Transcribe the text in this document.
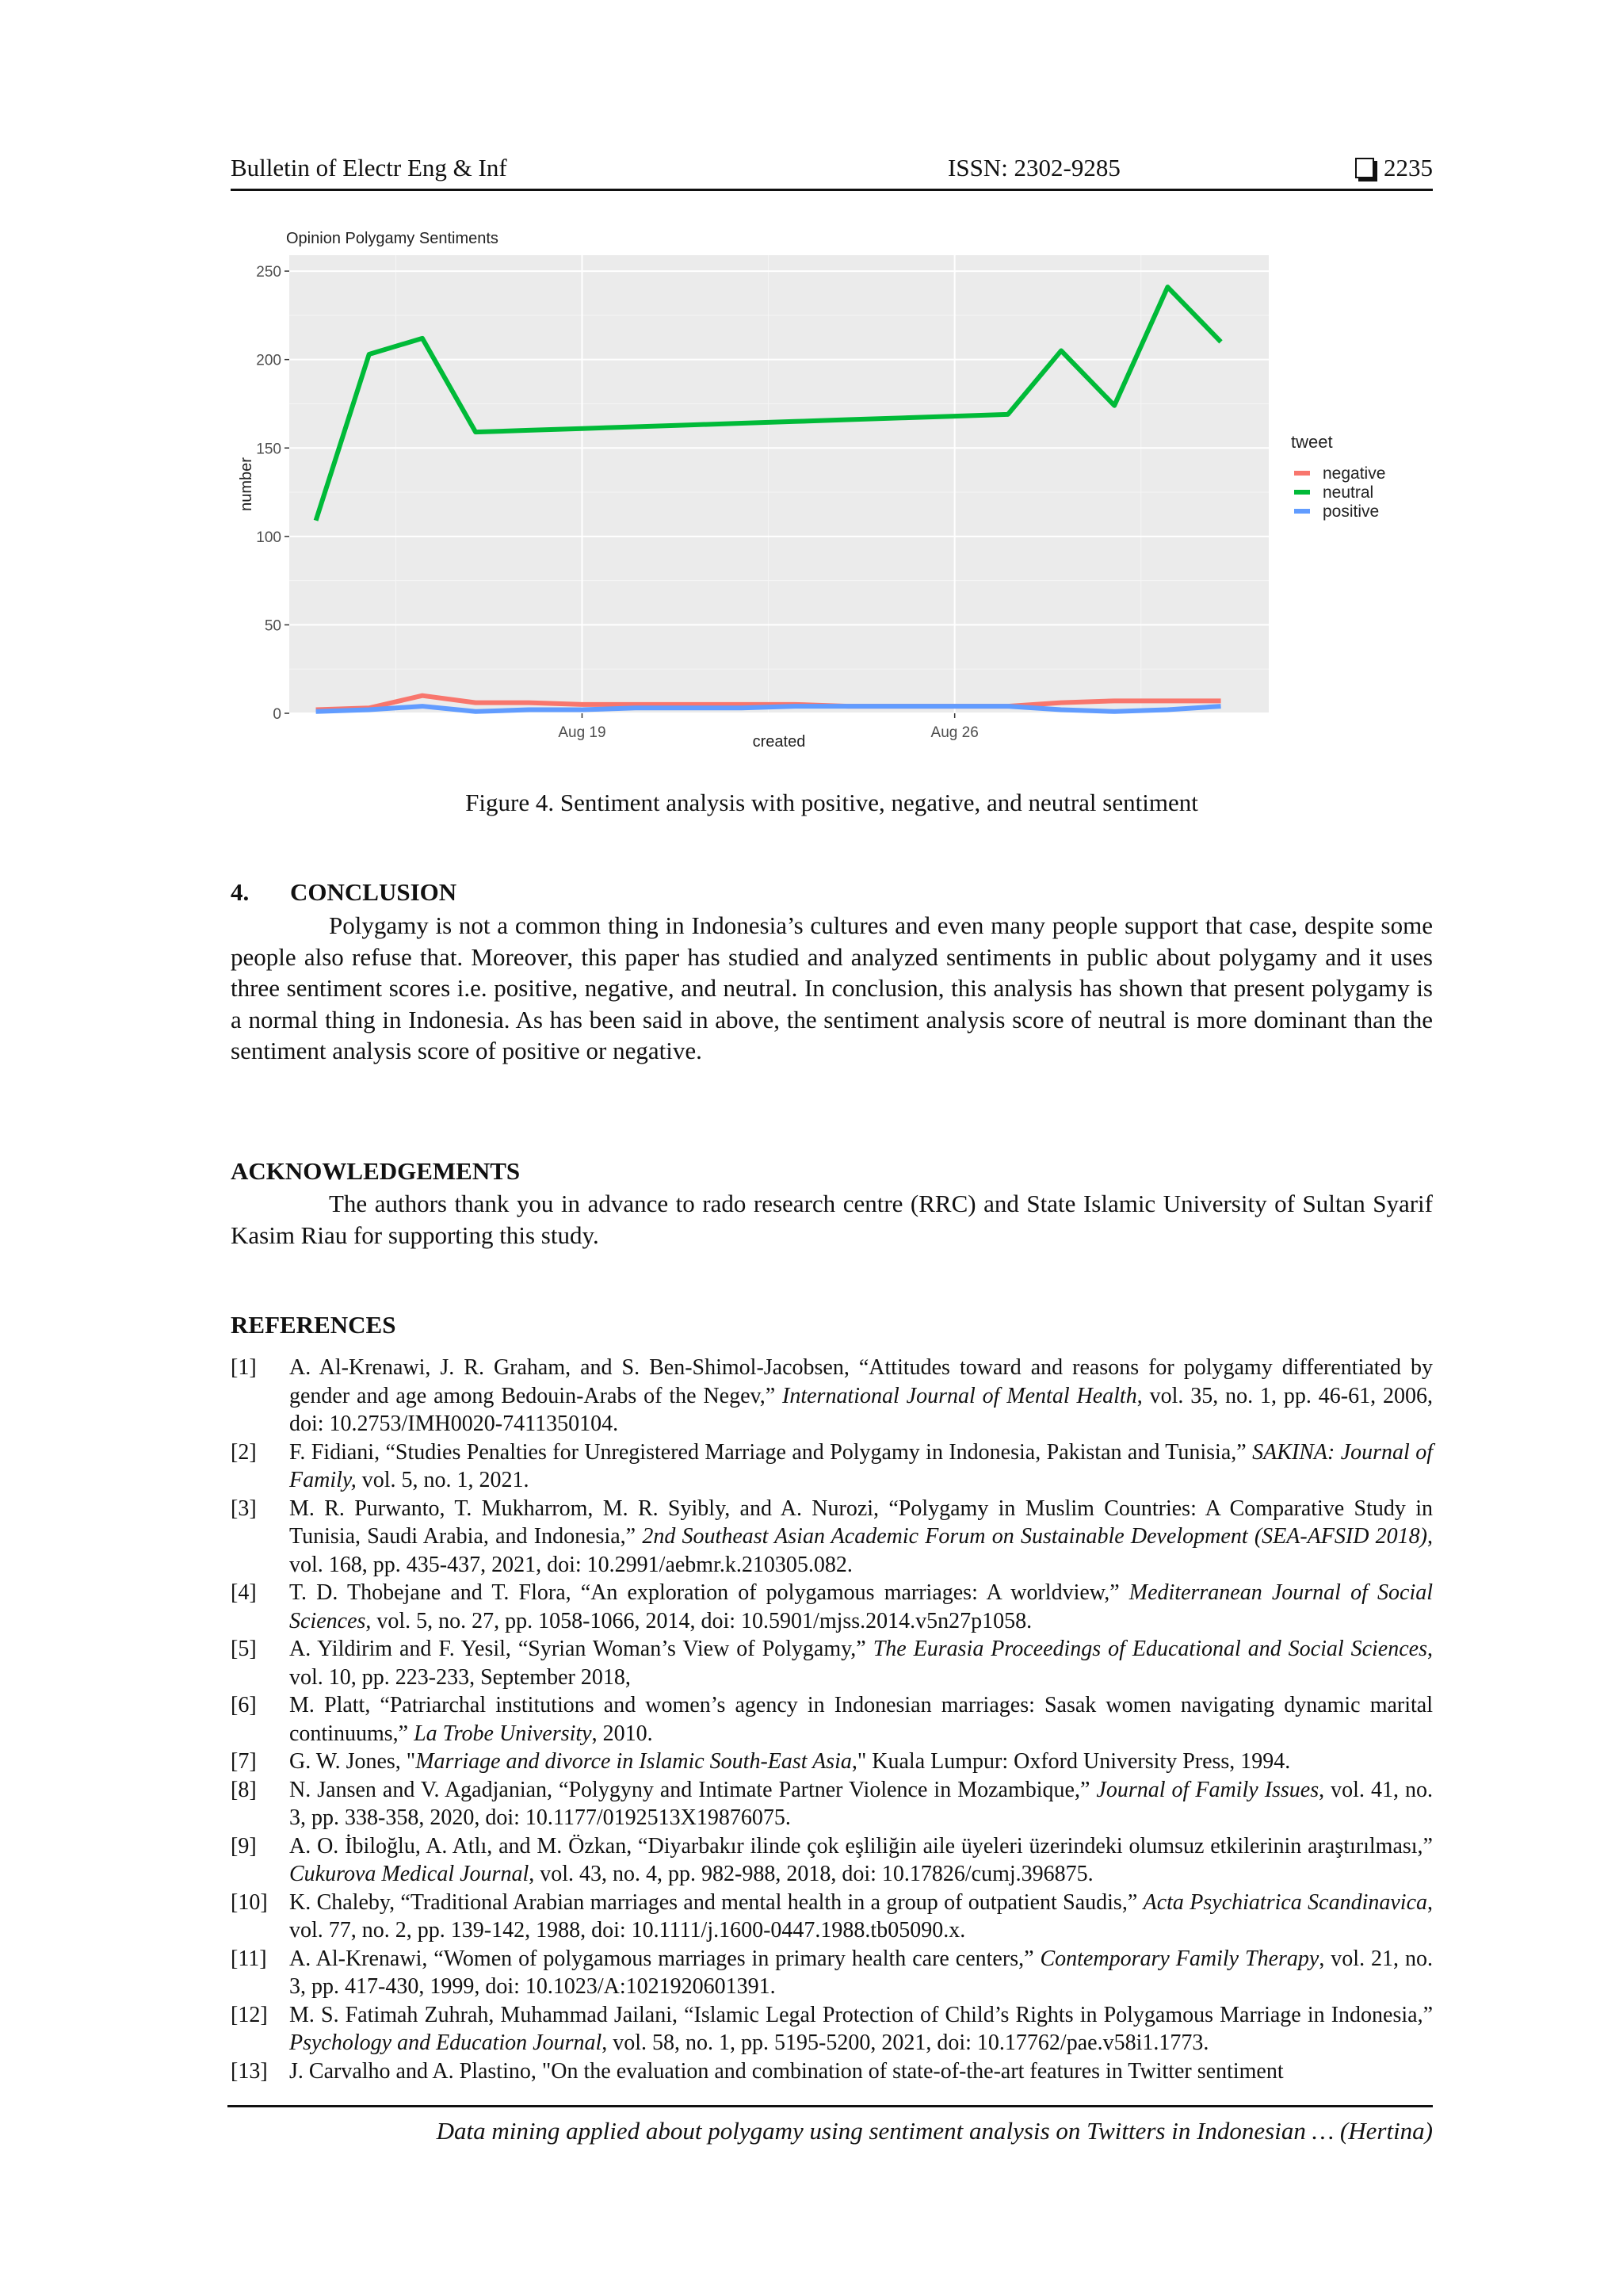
Bulletin of Electr Eng & Inf	ISSN: 2302-9285	2235
Opinion Polygamy Sentiments
0
50
100
150
200
250
Aug 19	Aug 26
created
number
tweet
negative
neutral
positive
Figure 4. Sentiment analysis with positive, negative, and neutral sentiment
4. CONCLUSION

Polygamy is not a common thing in Indonesia’s cultures and even many people support that case, despite some people also refuse that. Moreover, this paper has studied and analyzed sentiments in public about polygamy and it uses three sentiment scores i.e. positive, negative, and neutral. In conclusion, this analysis has shown that present polygamy is a normal thing in Indonesia. As has been said in above, the sentiment analysis score of neutral is more dominant than the sentiment analysis score of positive or negative.

ACKNOWLEDGEMENTS

The authors thank you in advance to rado research centre (RRC) and State Islamic University of Sultan Syarif Kasim Riau for supporting this study.

REFERENCES
[1] A. Al-Krenawi, J. R. Graham, and S. Ben-Shimol-Jacobsen, “Attitudes toward and reasons for polygamy differentiated by gender and age among Bedouin-Arabs of the Negev,” International Journal of Mental Health, vol. 35, no. 1, pp. 46-61, 2006, doi: 10.2753/IMH0020-7411350104.
[2] F. Fidiani, “Studies Penalties for Unregistered Marriage and Polygamy in Indonesia, Pakistan and Tunisia,” SAKINA: Journal of Family, vol. 5, no. 1, 2021.
[3] M. R. Purwanto, T. Mukharrom, M. R. Syibly, and A. Nurozi, “Polygamy in Muslim Countries: A Comparative Study in Tunisia, Saudi Arabia, and Indonesia,” 2nd Southeast Asian Academic Forum on Sustainable Development (SEA-AFSID 2018), vol. 168, pp. 435-437, 2021, doi: 10.2991/aebmr.k.210305.082.
[4] T. D. Thobejane and T. Flora, “An exploration of polygamous marriages: A worldview,” Mediterranean Journal of Social Sciences, vol. 5, no. 27, pp. 1058-1066, 2014, doi: 10.5901/mjss.2014.v5n27p1058.
[5] A. Yildirim and F. Yesil, “Syrian Woman’s View of Polygamy,” The Eurasia Proceedings of Educational and Social Sciences, vol. 10, pp. 223-233, September 2018,
[6] M. Platt, “Patriarchal institutions and women’s agency in Indonesian marriages: Sasak women navigating dynamic marital continuums,” La Trobe University, 2010.
[7] G. W. Jones, "Marriage and divorce in Islamic South-East Asia," Kuala Lumpur: Oxford University Press, 1994.
[8] N. Jansen and V. Agadjanian, “Polygyny and Intimate Partner Violence in Mozambique,” Journal of Family Issues, vol. 41, no. 3, pp. 338-358, 2020, doi: 10.1177/0192513X19876075.
[9] A. O. İbiloğlu, A. Atlı, and M. Özkan, “Diyarbakır ilinde çok eşliliğin aile üyeleri üzerindeki olumsuz etkilerinin araştırılması,” Cukurova Medical Journal, vol. 43, no. 4, pp. 982-988, 2018, doi: 10.17826/cumj.396875.
[10] K. Chaleby, “Traditional Arabian marriages and mental health in a group of outpatient Saudis,” Acta Psychiatrica Scandinavica, vol. 77, no. 2, pp. 139-142, 1988, doi: 10.1111/j.1600-0447.1988.tb05090.x.
[11] A. Al-Krenawi, “Women of polygamous marriages in primary health care centers,” Contemporary Family Therapy, vol. 21, no. 3, pp. 417-430, 1999, doi: 10.1023/A:1021920601391.
[12] M. S. Fatimah Zuhrah, Muhammad Jailani, “Islamic Legal Protection of Child’s Rights in Polygamous Marriage in Indonesia,” Psychology and Education Journal, vol. 58, no. 1, pp. 5195-5200, 2021, doi: 10.17762/pae.v58i1.1773.
[13] J. Carvalho and A. Plastino, "On the evaluation and combination of state-of-the-art features in Twitter sentiment
Data mining applied about polygamy using sentiment analysis on Twitters in Indonesian … (Hertina)
